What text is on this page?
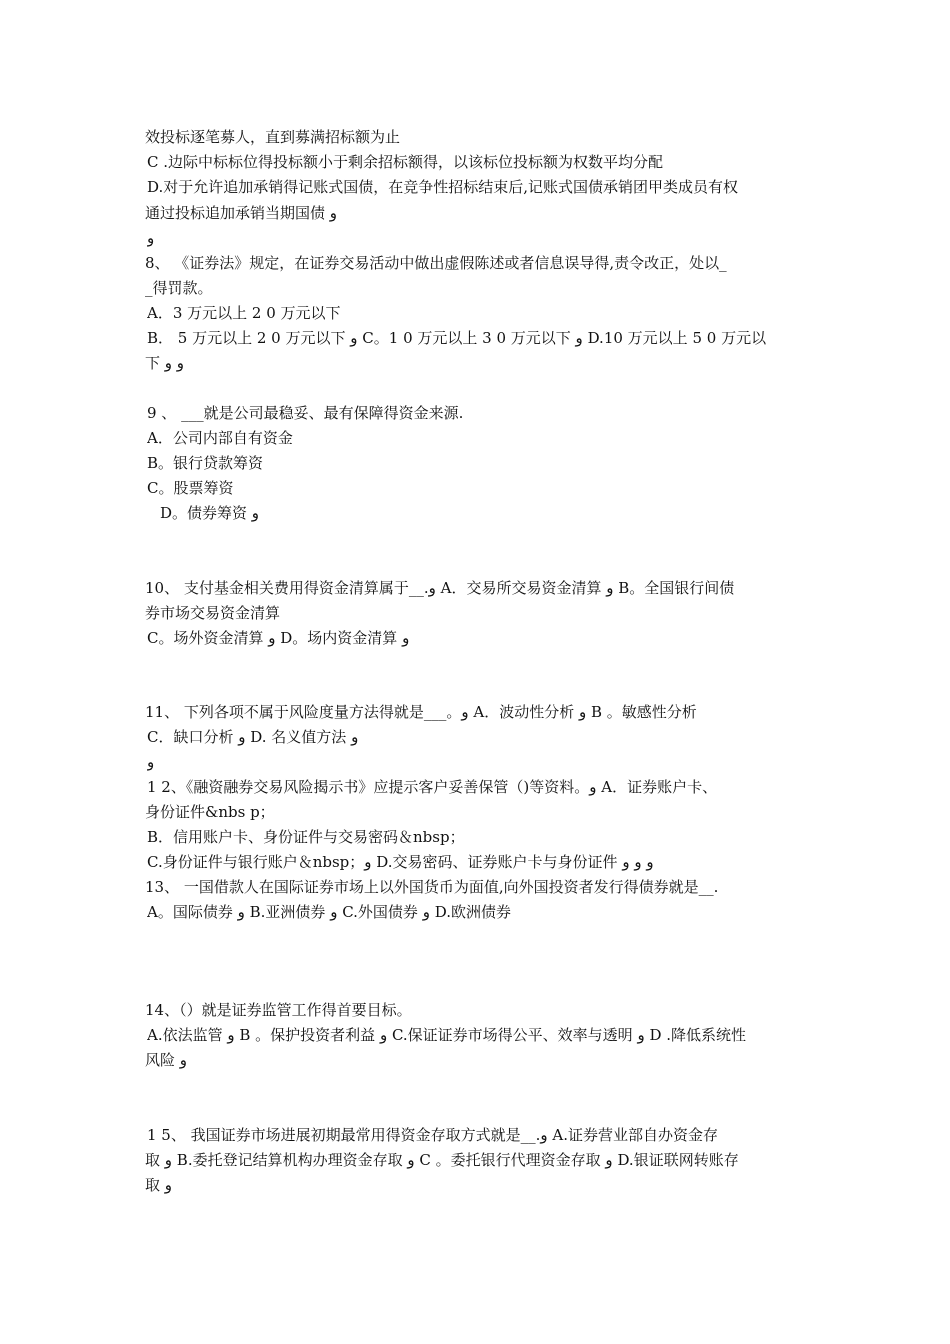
效投标逐笔募人，直到募满招标额为止
C .边际中标标位得投标额小于剩余招标额得，以该标位投标额为权数平均分配
D.对于允许追加承销得记账式国债，在竞争性招标结束后,记账式国债承销团甲类成员有权
通过投标追加承销当期国债 و
و
8、 《证券法》规定，在证券交易活动中做出虚假陈述或者信息误导得,责令改正，处以_
_得罚款。
A．3 万元以上 2 0 万元以下
B． 5 万元以上 2 0 万元以下 و C。1 0 万元以上 3 0 万元以下 و D.10 万元以上 5 0 万元以
下 و و
9 、 ___就是公司最稳妥、最有保障得资金来源.
A．公司内部自有资金
B。银行贷款筹资
C。股票筹资
D。债券筹资 و
10、 支付基金相关费用得资金清算属于__.و A．交易所交易资金清算 و B。全国银行间债
券市场交易资金清算
C。场外资金清算 و D。场内资金清算 و
11、 下列各项不属于风险度量方法得就是___。و A．波动性分析 و B 。敏感性分析
C．缺口分析 و D. 名义值方法 و
و
1 2、《融资融券交易风险揭示书》应提示客户妥善保管（)等资料。و A．证券账户卡、
身份证件&nbs p；
B．信用账户卡、身份证件与交易密码＆nbsp；
C.身份证件与银行账户＆nbsp；و D.交易密码、证券账户卡与身份证件 و و و
13、 一国借款人在国际证券市场上以外国货币为面值,向外国投资者发行得债券就是__.
A。国际债券 و B.亚洲债券 و C.外国债券 و D.欧洲债券
14、（）就是证券监管工作得首要目标。
A.依法监管 و B 。保护投资者利益 و C.保证证券市场得公平、效率与透明 و D .降低系统性
风险 و
1 5、 我国证券市场进展初期最常用得资金存取方式就是__.و A.证券营业部自办资金存
取 و B.委托登记结算机构办理资金存取 و C 。委托银行代理资金存取 و D.银证联网转账存
取 و
